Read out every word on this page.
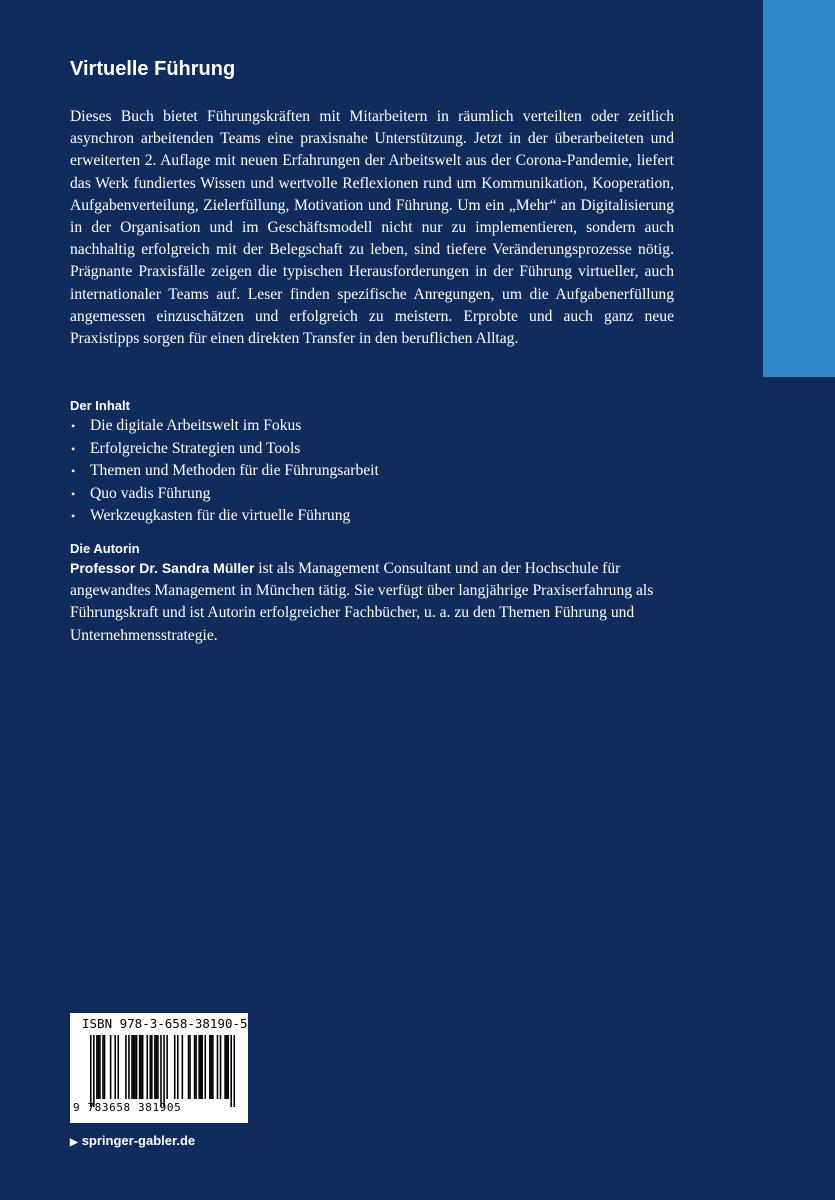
Virtuelle Führung

Dieses Buch bietet Führungskräften mit Mitarbeitern in räumlich verteilten oder zeitlich asynchron arbeitenden Teams eine praxisnahe Unterstützung. Jetzt in der überarbeiteten und erweiterten 2. Auflage mit neuen Erfahrungen der Arbeitswelt aus der Corona-Pandemie, liefert das Werk fundiertes Wissen und wertvolle Reflexionen rund um Kommunikation, Kooperation, Aufgabenverteilung, Zielerfüllung, Motivation und Führung. Um ein „Mehr“ an Digitalisierung in der Organisation und im Geschäftsmodell nicht nur zu implementieren, sondern auch nachhaltig erfolgreich mit der Belegschaft zu leben, sind tiefere Veränderungsprozesse nötig. Prägnante Praxisfälle zeigen die typischen Herausforderungen in der Führung virtueller, auch internationaler Teams auf. Leser finden spezifische Anregungen, um die Aufgabenerfüllung angemessen einzuschätzen und erfolgreich zu meistern. Erprobte und auch ganz neue Praxistipps sorgen für einen direkten Transfer in den beruflichen Alltag.

Der Inhalt
• Die digitale Arbeitswelt im Fokus
• Erfolgreiche Strategien und Tools
• Themen und Methoden für die Führungsarbeit
• Quo vadis Führung
• Werkzeugkasten für die virtuelle Führung
Die Autorin

Professor Dr. Sandra Müller ist als Management Consultant und an der Hochschule für angewandtes Management in München tätig. Sie verfügt über langjährige Praxiserfahrung als Führungskraft und ist Autorin erfolgreicher Fachbücher, u. a. zu den Themen Führung und Unternehmensstrategie.

ISBN 978-3-658-38190-5
9 783658 381905
▶ springer-gabler.de
